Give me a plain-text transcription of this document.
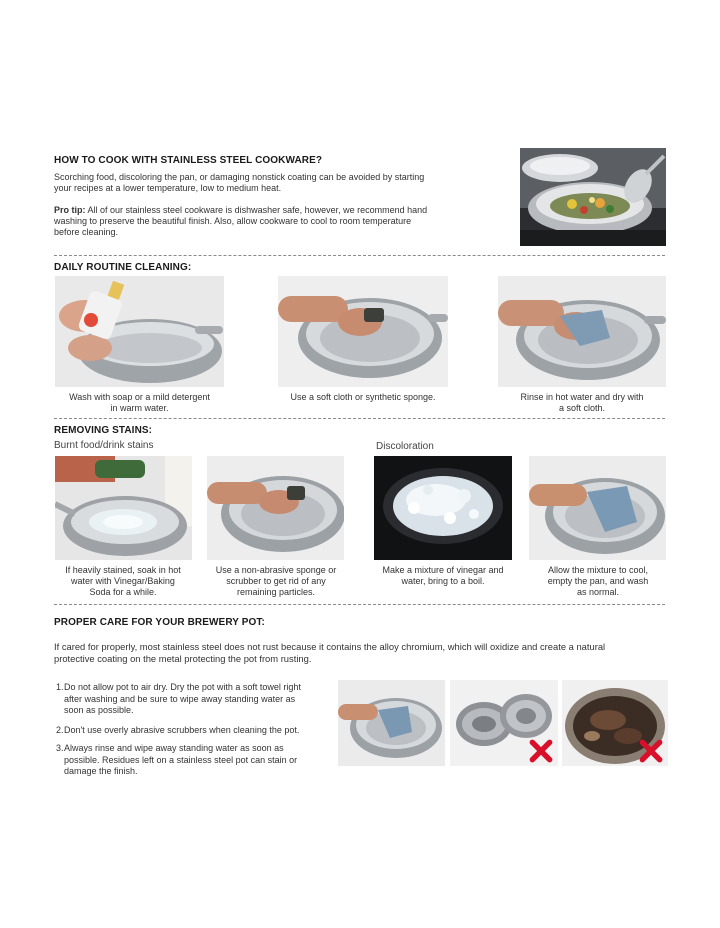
HOW TO COOK WITH STAINLESS STEEL COOKWARE?
Scorching food, discoloring the pan, or damaging nonstick coating can be avoided by starting
your recipes at a lower temperature, low to medium heat.
Pro tip: All of our stainless steel cookware is dishwasher safe, however, we recommend hand
washing to preserve the beautiful finish. Also, allow cookware to cool to room temperature
before cleaning.
DAILY ROUTINE CLEANING:
Wash with soap or a mild detergent
in warm water.
Use a soft cloth or synthetic sponge.	Rinse in hot water and dry with
a soft cloth.
REMOVING STAINS:
Burnt food/drink stains	Discoloration
If heavily stained, soak in hot
water with Vinegar/Baking
Soda for a while.
Use a non-abrasive sponge or
scrubber to get rid of any
remaining particles.
Make a mixture of vinegar and
water, bring to a boil.
Allow the mixture to cool,
empty the pan, and wash
as normal.
PROPER CARE FOR YOUR BREWERY POT:
If cared for properly, most stainless steel does not rust because it contains the alloy chromium, which will oxidize and create a natural
protective coating on the metal protecting the pot from rusting.
1. Do not allow pot to air dry. Dry the pot with a soft towel right
after washing and be sure to wipe away standing water as
soon as possible.
2. Don't use overly abrasive scrubbers when cleaning the pot.
3. Always rinse and wipe away standing water as soon as
possible. Residues left on a stainless steel pot can stain or
damage the finish.
